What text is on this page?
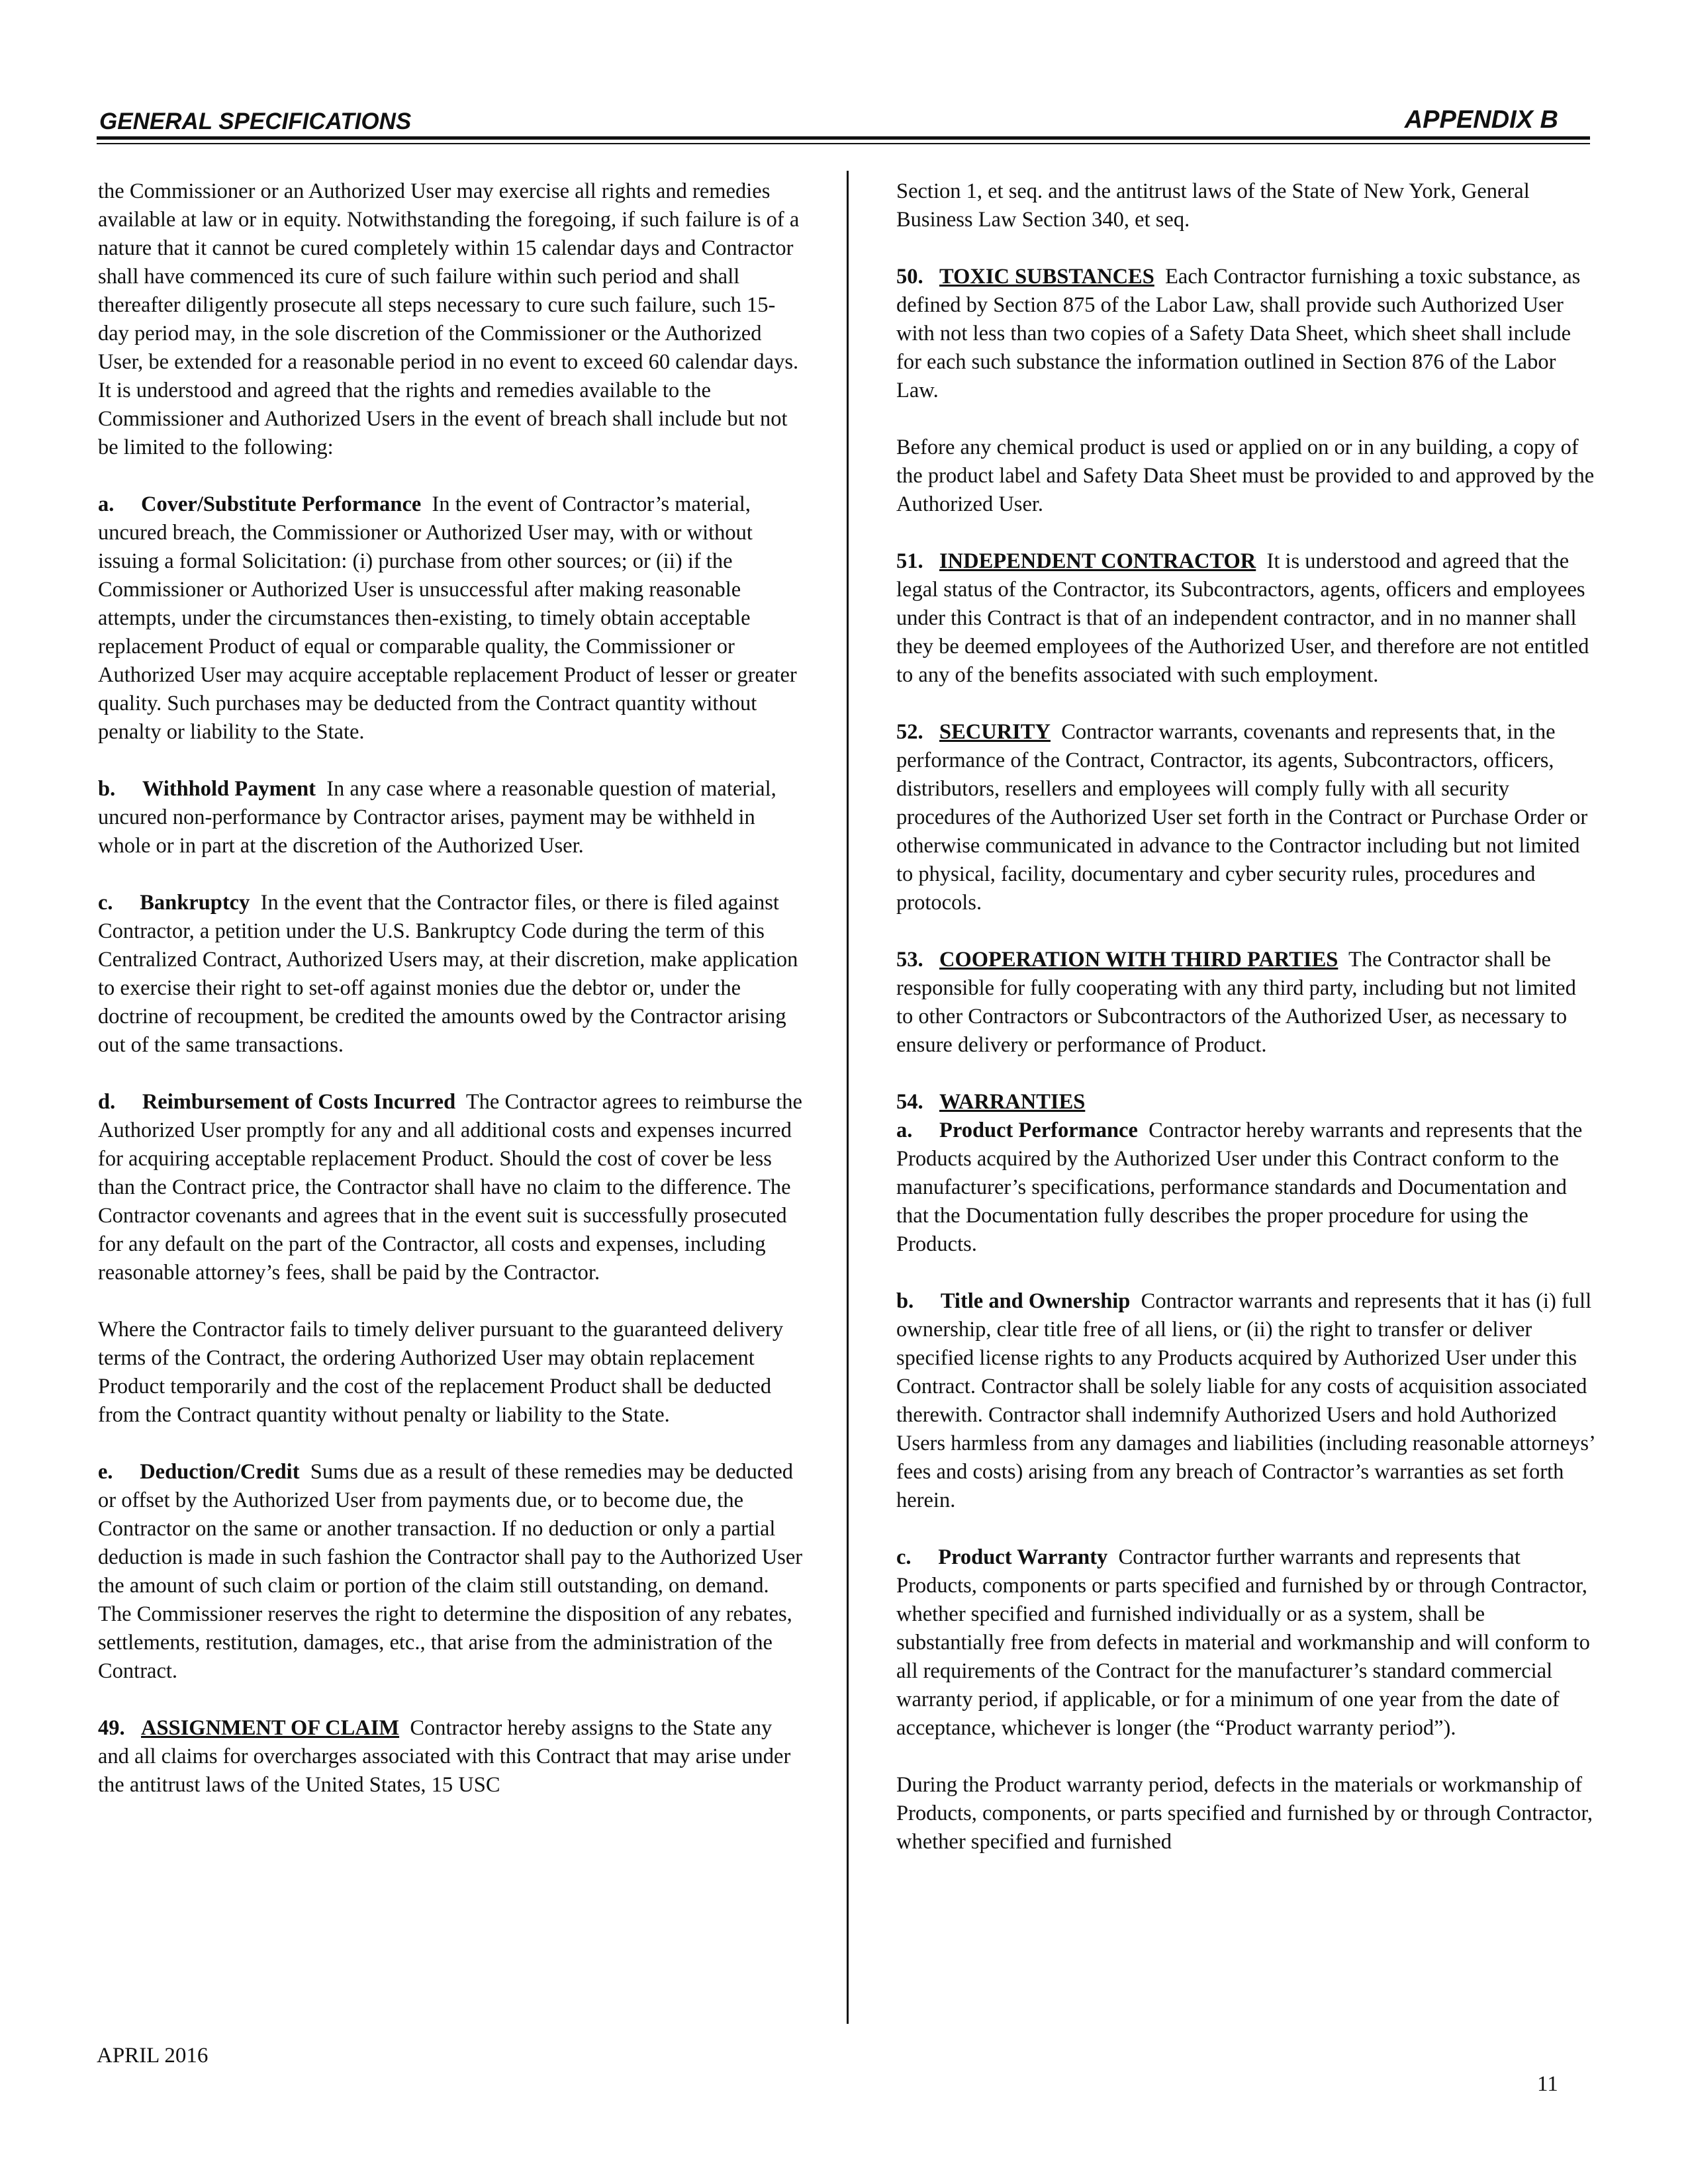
GENERAL SPECIFICATIONS	APPENDIX B

the Commissioner or an Authorized User may exercise all rights and remedies available at law or in equity. Notwithstanding the foregoing, if such failure is of a nature that it cannot be cured completely within 15 calendar days and Contractor shall have commenced its cure of such failure within such period and shall thereafter diligently prosecute all steps necessary to cure such failure, such 15-day period may, in the sole discretion of the Commissioner or the Authorized User, be extended for a reasonable period in no event to exceed 60 calendar days. It is understood and agreed that the rights and remedies available to the Commissioner and Authorized Users in the event of breach shall include but not be limited to the following:

a. Cover/Substitute Performance In the event of Contractor’s material, uncured breach, the Commissioner or Authorized User may, with or without issuing a formal Solicitation: (i) purchase from other sources; or (ii) if the Commissioner or Authorized User is unsuccessful after making reasonable attempts, under the circumstances then-existing, to timely obtain acceptable replacement Product of equal or comparable quality, the Commissioner or Authorized User may acquire acceptable replacement Product of lesser or greater quality. Such purchases may be deducted from the Contract quantity without penalty or liability to the State.

b. Withhold Payment In any case where a reasonable question of material, uncured non-performance by Contractor arises, payment may be withheld in whole or in part at the discretion of the Authorized User.

c. Bankruptcy In the event that the Contractor files, or there is filed against Contractor, a petition under the U.S. Bankruptcy Code during the term of this Centralized Contract, Authorized Users may, at their discretion, make application to exercise their right to set-off against monies due the debtor or, under the doctrine of recoupment, be credited the amounts owed by the Contractor arising out of the same transactions.

d. Reimbursement of Costs Incurred The Contractor agrees to reimburse the Authorized User promptly for any and all additional costs and expenses incurred for acquiring acceptable replacement Product. Should the cost of cover be less than the Contract price, the Contractor shall have no claim to the difference. The Contractor covenants and agrees that in the event suit is successfully prosecuted for any default on the part of the Contractor, all costs and expenses, including reasonable attorney’s fees, shall be paid by the Contractor.

Where the Contractor fails to timely deliver pursuant to the guaranteed delivery terms of the Contract, the ordering Authorized User may obtain replacement Product temporarily and the cost of the replacement Product shall be deducted from the Contract quantity without penalty or liability to the State.

e. Deduction/Credit Sums due as a result of these remedies may be deducted or offset by the Authorized User from payments due, or to become due, the Contractor on the same or another transaction. If no deduction or only a partial deduction is made in such fashion the Contractor shall pay to the Authorized User the amount of such claim or portion of the claim still outstanding, on demand. The Commissioner reserves the right to determine the disposition of any rebates, settlements, restitution, damages, etc., that arise from the administration of the Contract.

49. ASSIGNMENT OF CLAIM Contractor hereby assigns to the State any and all claims for overcharges associated with this Contract that may arise under the antitrust laws of the United States, 15 USC

Section 1, et seq. and the antitrust laws of the State of New York, General Business Law Section 340, et seq.

50. TOXIC SUBSTANCES Each Contractor furnishing a toxic substance, as defined by Section 875 of the Labor Law, shall provide such Authorized User with not less than two copies of a Safety Data Sheet, which sheet shall include for each such substance the information outlined in Section 876 of the Labor Law.

Before any chemical product is used or applied on or in any building, a copy of the product label and Safety Data Sheet must be provided to and approved by the Authorized User.

51. INDEPENDENT CONTRACTOR It is understood and agreed that the legal status of the Contractor, its Subcontractors, agents, officers and employees under this Contract is that of an independent contractor, and in no manner shall they be deemed employees of the Authorized User, and therefore are not entitled to any of the benefits associated with such employment.

52. SECURITY Contractor warrants, covenants and represents that, in the performance of the Contract, Contractor, its agents, Subcontractors, officers, distributors, resellers and employees will comply fully with all security procedures of the Authorized User set forth in the Contract or Purchase Order or otherwise communicated in advance to the Contractor including but not limited to physical, facility, documentary and cyber security rules, procedures and protocols.

53. COOPERATION WITH THIRD PARTIES The Contractor shall be responsible for fully cooperating with any third party, including but not limited to other Contractors or Subcontractors of the Authorized User, as necessary to ensure delivery or performance of Product.

54. WARRANTIES

a. Product Performance Contractor hereby warrants and represents that the Products acquired by the Authorized User under this Contract conform to the manufacturer’s specifications, performance standards and Documentation and that the Documentation fully describes the proper procedure for using the Products.

b. Title and Ownership Contractor warrants and represents that it has (i) full ownership, clear title free of all liens, or (ii) the right to transfer or deliver specified license rights to any Products acquired by Authorized User under this Contract. Contractor shall be solely liable for any costs of acquisition associated therewith. Contractor shall indemnify Authorized Users and hold Authorized Users harmless from any damages and liabilities (including reasonable attorneys’ fees and costs) arising from any breach of Contractor’s warranties as set forth herein.

c. Product Warranty Contractor further warrants and represents that Products, components or parts specified and furnished by or through Contractor, whether specified and furnished individually or as a system, shall be substantially free from defects in material and workmanship and will conform to all requirements of the Contract for the manufacturer’s standard commercial warranty period, if applicable, or for a minimum of one year from the date of acceptance, whichever is longer (the “Product warranty period”).

During the Product warranty period, defects in the materials or workmanship of Products, components, or parts specified and furnished by or through Contractor, whether specified and furnished

APRIL 2016
11
